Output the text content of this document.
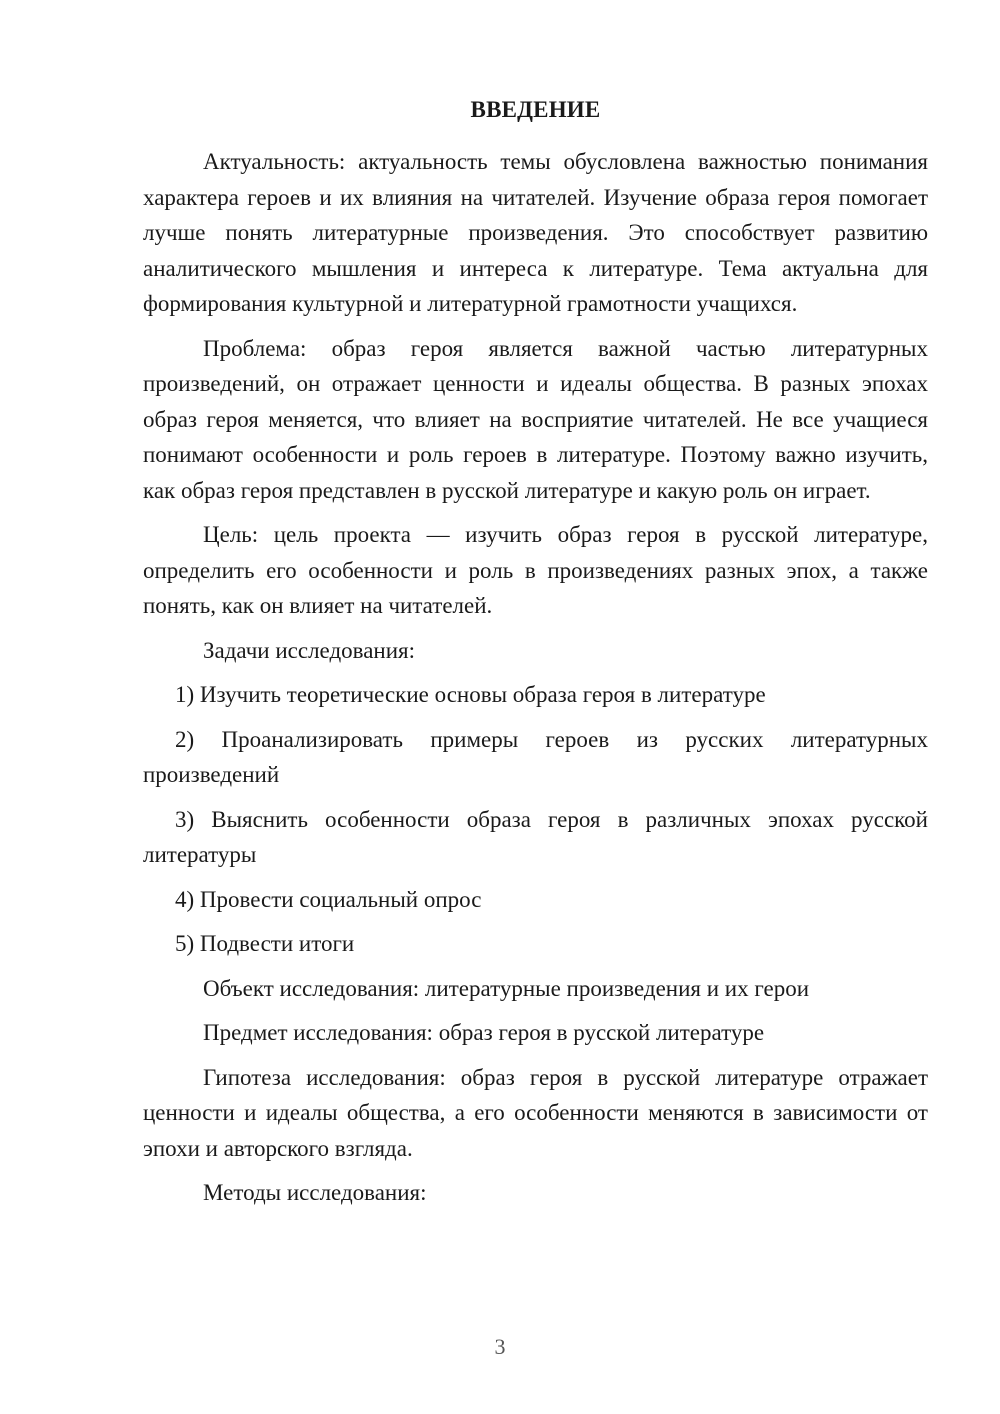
ВВЕДЕНИЕ

Актуальность: актуальность темы обусловлена важностью понимания характера героев и их влияния на читателей. Изучение образа героя помогает лучше понять литературные произведения. Это способствует развитию аналитического мышления и интереса к литературе. Тема актуальна для формирования культурной и литературной грамотности учащихся.

Проблема: образ героя является важной частью литературных произведений, он отражает ценности и идеалы общества. В разных эпохах образ героя меняется, что влияет на восприятие читателей. Не все учащиеся понимают особенности и роль героев в литературе. Поэтому важно изучить, как образ героя представлен в русской литературе и какую роль он играет.

Цель: цель проекта — изучить образ героя в русской литературе, определить его особенности и роль в произведениях разных эпох, а также понять, как он влияет на читателей.

Задачи исследования:

1) Изучить теоретические основы образа героя в литературе

2) Проанализировать примеры героев из русских литературных произведений

3) Выяснить особенности образа героя в различных эпохах русской литературы

4) Провести социальный опрос

5) Подвести итоги

Объект исследования: литературные произведения и их герои

Предмет исследования: образ героя в русской литературе

Гипотеза исследования: образ героя в русской литературе отражает ценности и идеалы общества, а его особенности меняются в зависимости от эпохи и авторского взгляда.

Методы исследования:

3
